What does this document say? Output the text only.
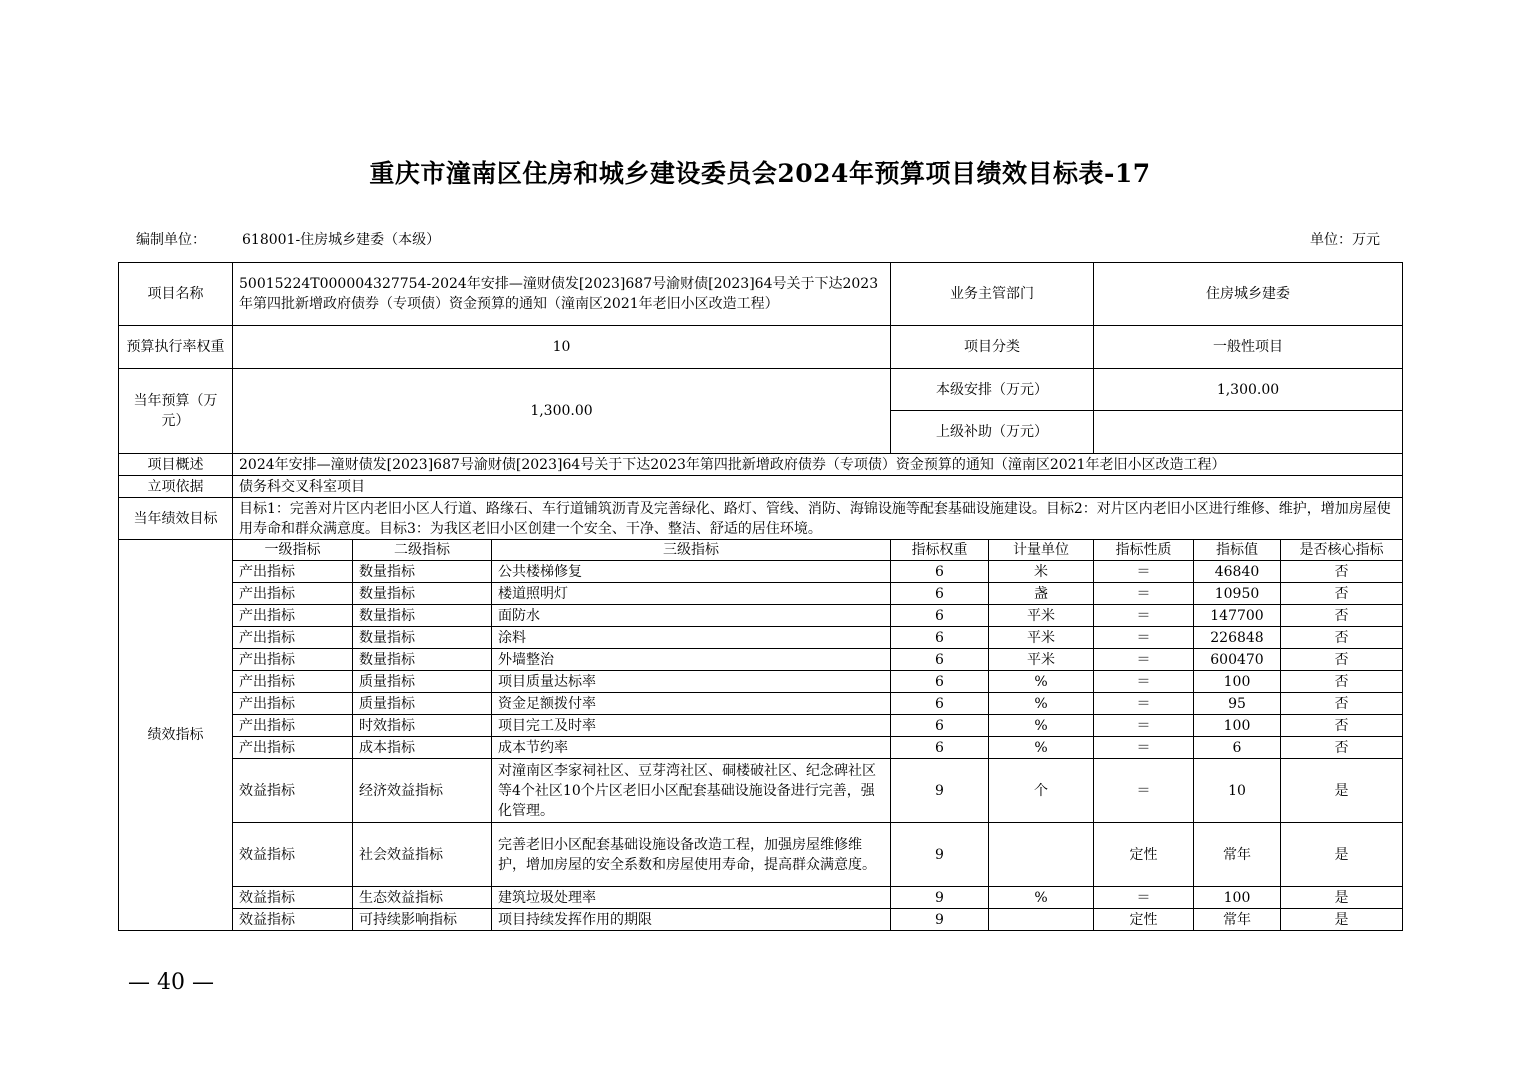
重庆市潼南区住房和城乡建设委员会2024年预算项目绩效目标表-17
编制单位：	618001-住房城乡建委（本级）	单位：万元
项目名称	50015224T000004327754-2024年安排—潼财债发[2023]687号渝财债[2023]64号关于下达2023年第四批新增政府债券（专项债）资金预算的通知（潼南区2021年老旧小区改造工程）			业务主管部门		住房城乡建委		
预算执行率权重	10			项目分类		一般性项目		
当年预算（万元）	1,300.00			本级安排（万元）		1,300.00		
				上级补助（万元）				
项目概述	2024年安排—潼财债发[2023]687号渝财债[2023]64号关于下达2023年第四批新增政府债券（专项债）资金预算的通知（潼南区2021年老旧小区改造工程）							
立项依据	债务科交叉科室项目							
当年绩效目标	目标1：完善对片区内老旧小区人行道、路缘石、车行道铺筑沥青及完善绿化、路灯、管线、消防、海锦设施等配套基础设施建设。目标2：对片区内老旧小区进行维修、维护，增加房屋使用寿命和群众满意度。目标3：为我区老旧小区创建一个安全、干净、整洁、舒适的居住环境。							
绩效指标	一级指标	二级指标	三级指标	指标权重	计量单位	指标性质	指标值	是否核心指标
	产出指标	数量指标	公共楼梯修复	6	米	＝	46840	否
	产出指标	数量指标	楼道照明灯	6	盏	＝	10950	否
	产出指标	数量指标	面防水	6	平米	＝	147700	否
	产出指标	数量指标	涂料	6	平米	＝	226848	否
	产出指标	数量指标	外墙整治	6	平米	＝	600470	否
	产出指标	质量指标	项目质量达标率	6	%	＝	100	否
	产出指标	质量指标	资金足额拨付率	6	%	＝	95	否
	产出指标	时效指标	项目完工及时率	6	%	＝	100	否
	产出指标	成本指标	成本节约率	6	%	＝	6	否
	效益指标	经济效益指标	对潼南区李家祠社区、豆芽湾社区、硐楼破社区、纪念碑社区等4个社区10个片区老旧小区配套基础设施设备进行完善，强化管理。	9	个	＝	10	是
	效益指标	社会效益指标	完善老旧小区配套基础设施设备改造工程，加强房屋维修维护，增加房屋的安全系数和房屋使用寿命，提高群众满意度。	9		定性	常年	是
	效益指标	生态效益指标	建筑垃圾处理率	9	%	＝	100	是
	效益指标	可持续影响指标	项目持续发挥作用的期限	9		定性	常年	是
— 40 —
